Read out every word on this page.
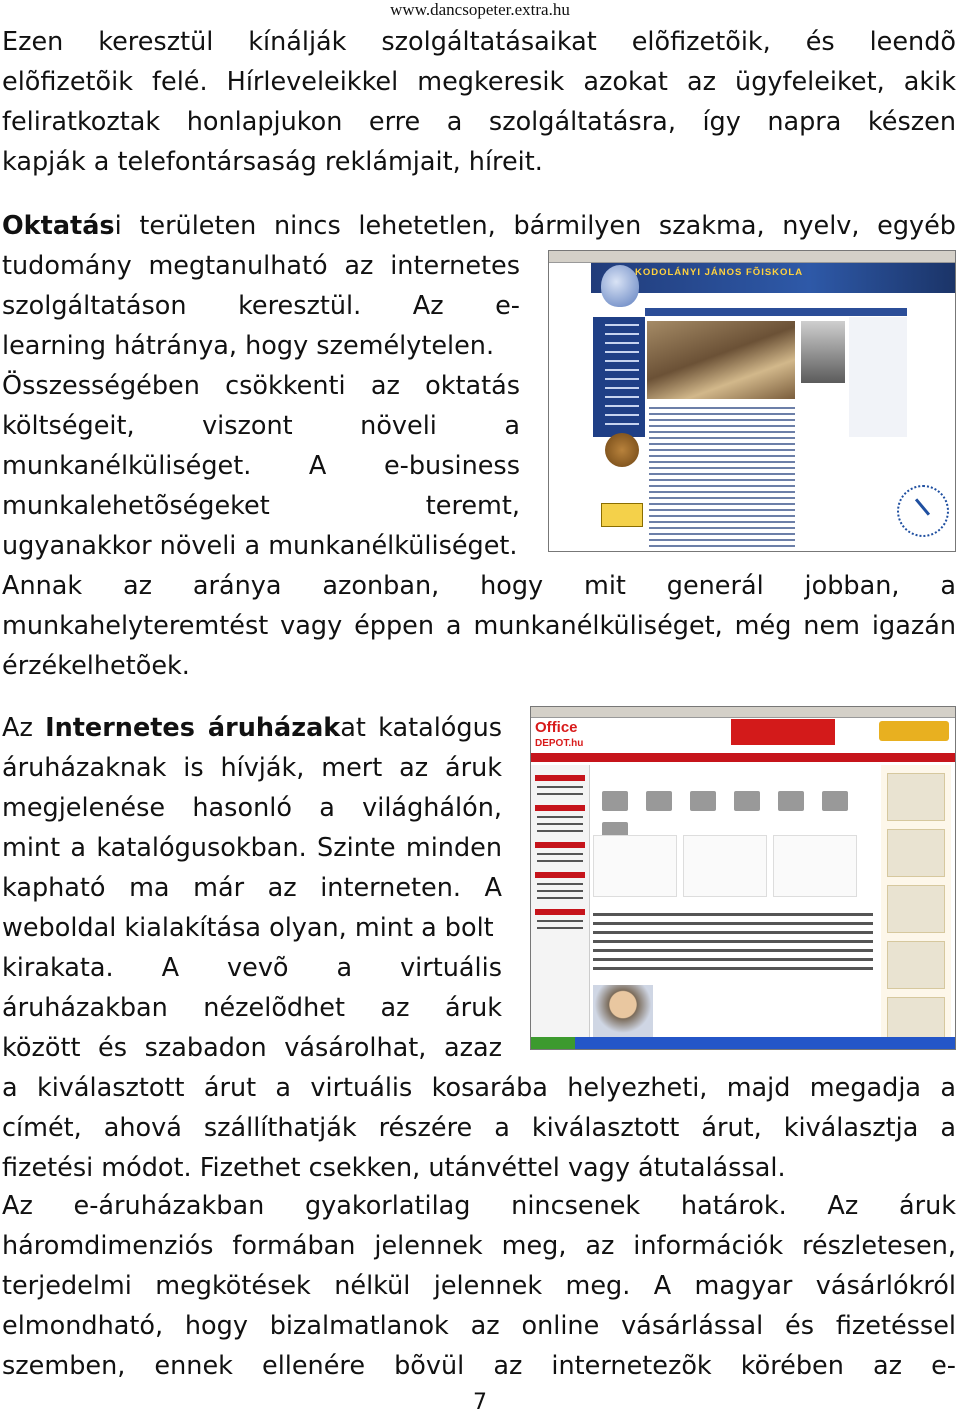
www.dancsopeter.extra.hu
Ezen keresztül kínálják szolgáltatásaikat elõfizetõik, és leendõ
elõfizetõik felé. Hírleveleikkel megkeresik azokat az ügyfeleiket, akik
feliratkoztak honlapjukon erre a szolgáltatásra, így napra készen
kapják a telefontársaság reklámjait, híreit.
Oktatási területen nincs lehetetlen, bármilyen szakma, nyelv, egyéb
tudomány megtanulható az internetes
szolgáltatáson keresztül. Az e-
learning hátránya, hogy személytelen.
Összességében csökkenti az oktatás
költségeit, viszont növeli a
munkanélküliséget. A e-business
munkalehetõségeket teremt,
ugyanakkor növeli a munkanélküliséget.
Annak az aránya azonban, hogy mit generál jobban, a
munkahelyteremtést vagy éppen a munkanélküliséget, még nem igazán
érzékelhetõek.
KODOLÁNYI JÁNOS FÕISKOLA
Az Internetes áruházakat katalógus
áruházaknak is hívják, mert az áruk
megjelenése hasonló a világhálón,
mint a katalógusokban. Szinte minden
kapható ma már az interneten. A
weboldal kialakítása olyan, mint a bolt
kirakata. A vevõ a virtuális
áruházakban nézelõdhet az áruk
között és szabadon vásárolhat, azaz
a kiválasztott árut a virtuális kosarába helyezheti, majd megadja a
címét, ahová szállíthatják részére a kiválasztott árut, kiválasztja a
fizetési módot. Fizethet csekken, utánvéttel vagy átutalással.
Office
DEPOT.hu
Az e-áruházakban gyakorlatilag nincsenek határok. Az áruk
háromdimenziós formában jelennek meg, az információk részletesen,
terjedelmi megkötések nélkül jelennek meg. A magyar vásárlókról
elmondható, hogy bizalmatlanok az online vásárlással és fizetéssel
szemben, ennek ellenére bõvül az internetezõk körében az e-
7
